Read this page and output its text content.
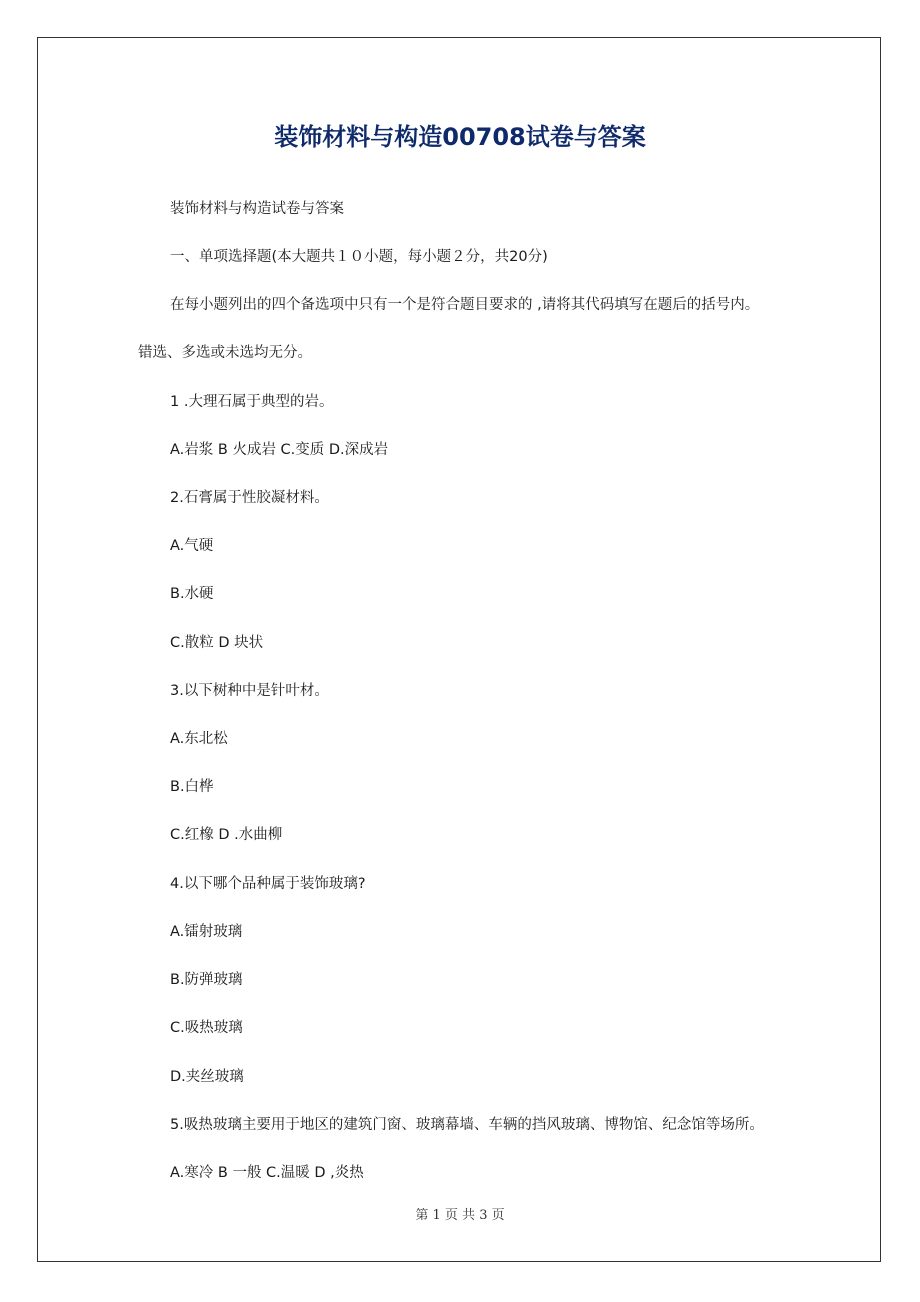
装饰材料与构造00708试卷与答案
装饰材料与构造试卷与答案
一、单项选择题(本大题共１０小题，每小题２分，共20分)
在每小题列出的四个备选项中只有一个是符合题目要求的 ,请将其代码填写在题后的括号内。
错选、多选或未选均无分。
1 .大理石属于典型的岩。
A.岩浆 B 火成岩 C.变质 D.深成岩
2.石膏属于性胶凝材料。
A.气硬
B.水硬
C.散粒 D 块状
3.以下树种中是针叶材。
A.东北松
B.白桦
C.红橡 D .水曲柳
4.以下哪个品种属于装饰玻璃?
A.镭射玻璃
B.防弹玻璃
C.吸热玻璃
D.夹丝玻璃
5.吸热玻璃主要用于地区的建筑门窗、玻璃幕墙、车辆的挡风玻璃、博物馆、纪念馆等场所。
A.寒冷 B 一般 C.温暖 D ,炎热
第 1 页 共 3 页
